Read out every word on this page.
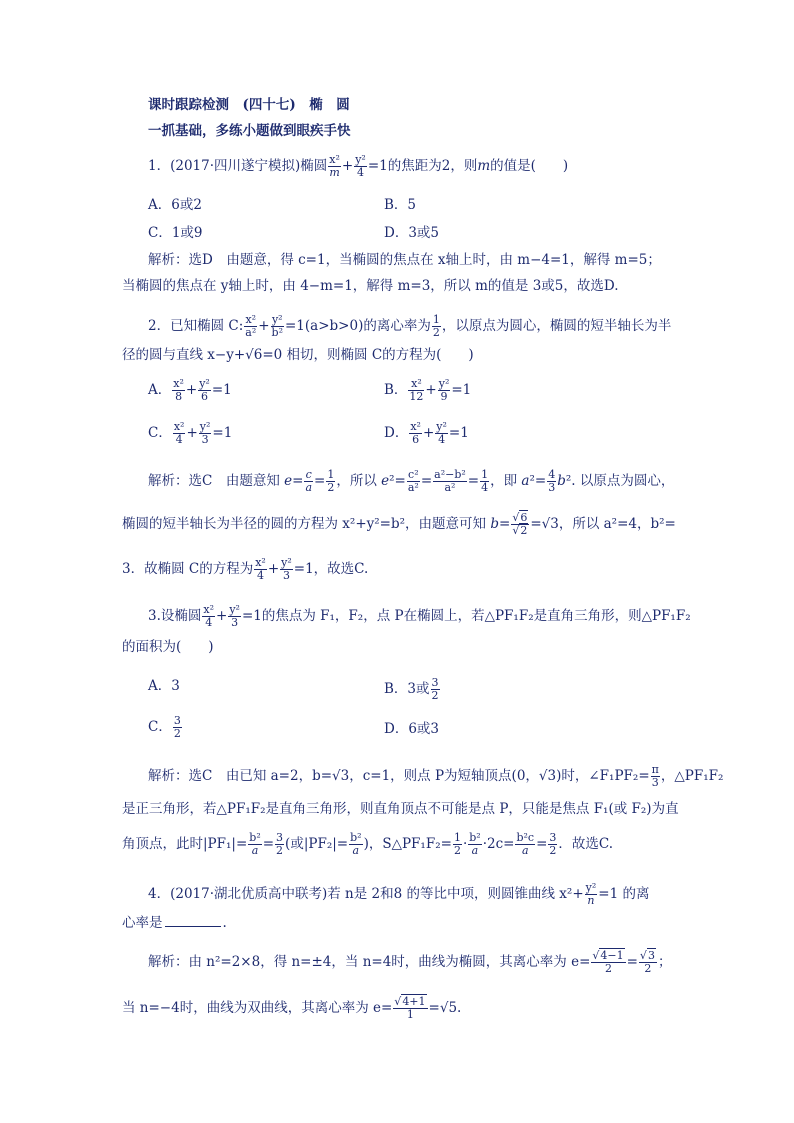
课时跟踪检测　(四十七)　椭　圆
一抓基础，多练小题做到眼疾手快
1．(2017·四川遂宁模拟)椭圆 $\frac{\text{x²}}{m} + \frac{\text{y²}}{4} =1$的焦距为2，则m的值是(　　)
A．6或2	B．5
C．1或9	D．3或5
解析：选D　由题意，得 c=1，当椭圆的焦点在 x轴上时，由 m−4=1，解得 m=5；
当椭圆的焦点在 y轴上时，由 4−m=1，解得 m=3，所以 m的值是 3或5，故选D.
2．已知椭圆 C: $\frac{\text{x²}}{\text{a²}} + \frac{\text{y²}}{\text{b²}} =1(a>b>0)$的离心率为 $\frac{1}{2}$ ，以原点为圆心，椭圆的短半轴长为半
径的圆与直线 x−y+√6=0 相切，则椭圆 C的方程为(　　)
A． $\frac{\text{x²}}{8} + \frac{\text{y²}}{6} =1$	B． $\frac{\text{x²}}{12} + \frac{\text{y²}}{9} =1$
C． $\frac{\text{x²}}{4} + \frac{\text{y²}}{3} =1$	D． $\frac{\text{x²}}{6} + \frac{\text{y²}}{4} =1$
解析：选C　由题意知 $e= \frac{c}{a} = \frac{1}{2}$ ，所以 $e^2= \frac{\text{c²}}{\text{a²}} = \frac{\text{a²−b²}}{\text{a²}} = \frac{1}{4}$ ，即 $a^2= \frac{4}{3} b^2$. 以原点为圆心，
椭圆的短半轴长为半径的圆的方程为 x²+y²=b²，由题意可知 $b= \frac{√6}{√2} =√3$，所以 a²=4，b²=
3．故椭圆 C的方程为 $\frac{\text{x²}}{4} + \frac{\text{y²}}{3} =1$，故选C.
3.设椭圆 $\frac{\text{x²}}{4} + \frac{\text{y²}}{3} =1$的焦点为 F₁，F₂，点 P在椭圆上，若△PF₁F₂是直角三角形，则△PF₁F₂
的面积为(　　)
A．3	B．3或 $\frac{3}{2}$
C． $\frac{3}{2}$	D．6或3
解析：选C　由已知 a=2，b=√3，c=1，则点 P为短轴顶点(0，√3)时，∠F₁PF₂= $\frac{\pi}{3}$ ，△PF₁F₂
是正三角形，若△PF₁F₂是直角三角形，则直角顶点不可能是点 P，只能是焦点 F₁(或 F₂)为直
角顶点，此时$|PF_1|= \frac{\text{b²}}{a} = \frac{3}{2}$ (或$|PF_2|= \frac{\text{b²}}{a}$ )，S△PF₁F₂= $\frac{1}{2} \cdot \frac{\text{b²}}{a} \cdot 2c= \frac{\text{b²c}}{a} = \frac{3}{2}$ ．故选C.
4．(2017·湖北优质高中联考)若 n是 2和8 的等比中项，则圆锥曲线 $x^2+ \frac{\text{y²}}{n} =1$ 的离
心率是	.
解析：由 n²=2×8，得 n=±4，当 n=4时，曲线为椭圆，其离心率为 $e= \frac{√4-1}{2} = \frac{√3}{2}$ ；
当 n=−4时，曲线为双曲线，其离心率为 $e= \frac{√4+1}{1} =√5$.
